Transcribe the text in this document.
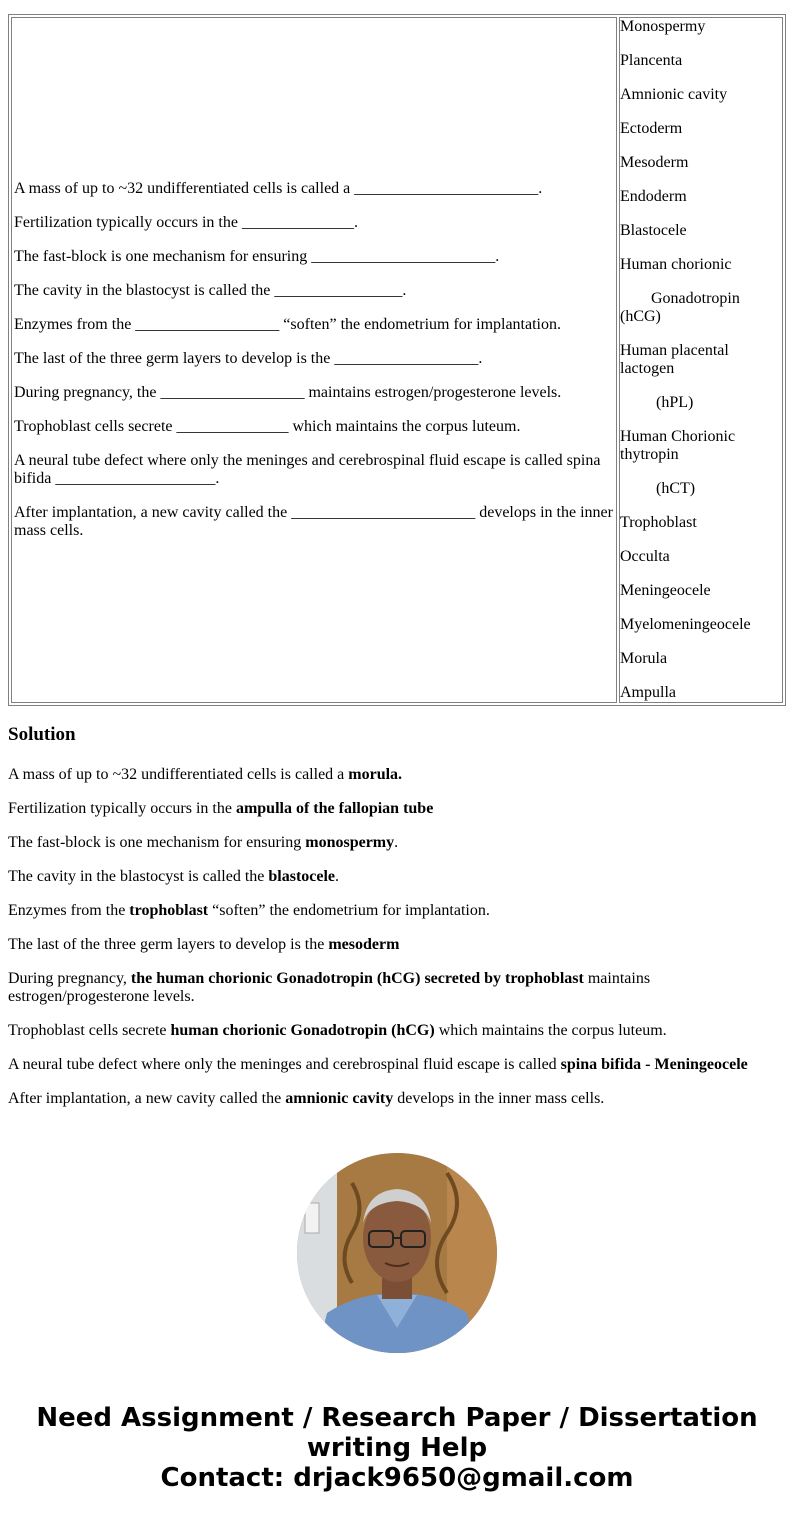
A mass of up to ~32 undifferentiated cells is called a _______________________.

Fertilization typically occurs in the ______________.

The fast-block is one mechanism for ensuring _______________________.

The cavity in the blastocyst is called the ________________.

Enzymes from the __________________ “soften” the endometrium for implantation.

The last of the three germ layers to develop is the __________________.

During pregnancy, the __________________ maintains estrogen/progesterone levels.

Trophoblast cells secrete ______________ which maintains the corpus luteum.

A neural tube defect where only the meninges and cerebrospinal fluid escape is called spina bifida ____________________.

After implantation, a new cavity called the _______________________ develops in the inner mass cells.

Monospermy

Plancenta

Amnionic cavity

Ectoderm

Mesoderm

Endoderm

Blastocele

Human chorionic

Gonadotropin (hCG)

Human placental lactogen

(hPL)

Human Chorionic thytropin

(hCT)

Trophoblast

Occulta

Meningeocele

Myelomeningeocele

Morula

Ampulla

Solution

A mass of up to ~32 undifferentiated cells is called a morula.

Fertilization typically occurs in the ampulla of the fallopian tube

The fast-block is one mechanism for ensuring monospermy.

The cavity in the blastocyst is called the blastocele.

Enzymes from the trophoblast “soften” the endometrium for implantation.

The last of the three germ layers to develop is the mesoderm

During pregnancy, the human chorionic Gonadotropin (hCG) secreted by trophoblast maintains estrogen/progesterone levels.

Trophoblast cells secrete human chorionic Gonadotropin (hCG) which maintains the corpus luteum.

A neural tube defect where only the meninges and cerebrospinal fluid escape is called spina bifida - Meningeocele

After implantation, a new cavity called the amnionic cavity develops in the inner mass cells.

Need Assignment / Research Paper / Dissertation
writing Help
Contact: drjack9650@gmail.com
